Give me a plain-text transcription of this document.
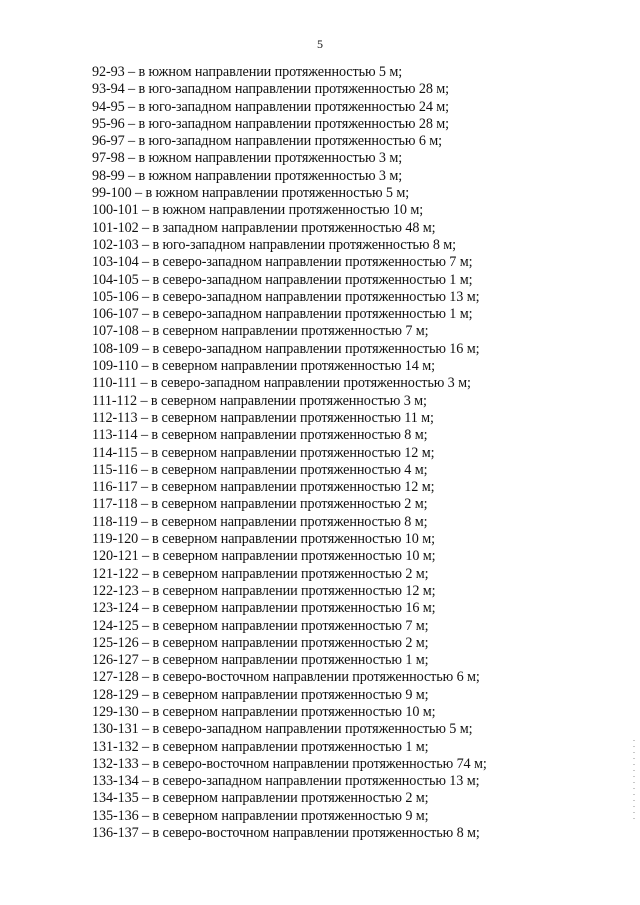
5
92-93 – в южном направлении протяженностью 5 м;
93-94 – в юго-западном направлении протяженностью 28 м;
94-95 – в юго-западном направлении протяженностью 24 м;
95-96 – в юго-западном направлении протяженностью 28 м;
96-97 – в юго-западном направлении протяженностью 6 м;
97-98 – в южном направлении протяженностью 3 м;
98-99 – в южном направлении протяженностью 3 м;
99-100 – в южном направлении протяженностью 5 м;
100-101 – в южном направлении протяженностью 10 м;
101-102 – в западном направлении протяженностью 48 м;
102-103 – в юго-западном направлении протяженностью 8 м;
103-104 – в северо-западном направлении протяженностью 7 м;
104-105 – в северо-западном направлении протяженностью 1 м;
105-106 – в северо-западном направлении протяженностью 13 м;
106-107 – в северо-западном направлении протяженностью 1 м;
107-108 – в северном направлении протяженностью 7 м;
108-109 – в северо-западном направлении протяженностью 16 м;
109-110 – в северном направлении протяженностью 14 м;
110-111 – в северо-западном направлении протяженностью 3 м;
111-112 – в северном направлении протяженностью 3 м;
112-113 – в северном направлении протяженностью 11 м;
113-114 – в северном направлении протяженностью 8 м;
114-115 – в северном направлении протяженностью 12 м;
115-116 – в северном направлении протяженностью 4 м;
116-117 – в северном направлении протяженностью 12 м;
117-118 – в северном направлении протяженностью 2 м;
118-119 – в северном направлении протяженностью 8 м;
119-120 – в северном направлении протяженностью 10 м;
120-121 – в северном направлении протяженностью 10 м;
121-122 – в северном направлении протяженностью 2 м;
122-123 – в северном направлении протяженностью 12 м;
123-124 – в северном направлении протяженностью 16 м;
124-125 – в северном направлении протяженностью 7 м;
125-126 – в северном направлении протяженностью 2 м;
126-127 – в северном направлении протяженностью 1 м;
127-128 – в северо-восточном направлении протяженностью 6 м;
128-129 – в северном направлении протяженностью 9 м;
129-130 – в северном направлении протяженностью 10 м;
130-131 – в северо-западном направлении протяженностью 5 м;
131-132 – в северном направлении протяженностью 1 м;
132-133 – в северо-восточном направлении протяженностью 74 м;
133-134 – в северо-западном направлении протяженностью 13 м;
134-135 – в северном направлении протяженностью 2 м;
135-136 – в северном направлении протяженностью 9 м;
136-137 – в северо-восточном направлении протяженностью 8 м;
